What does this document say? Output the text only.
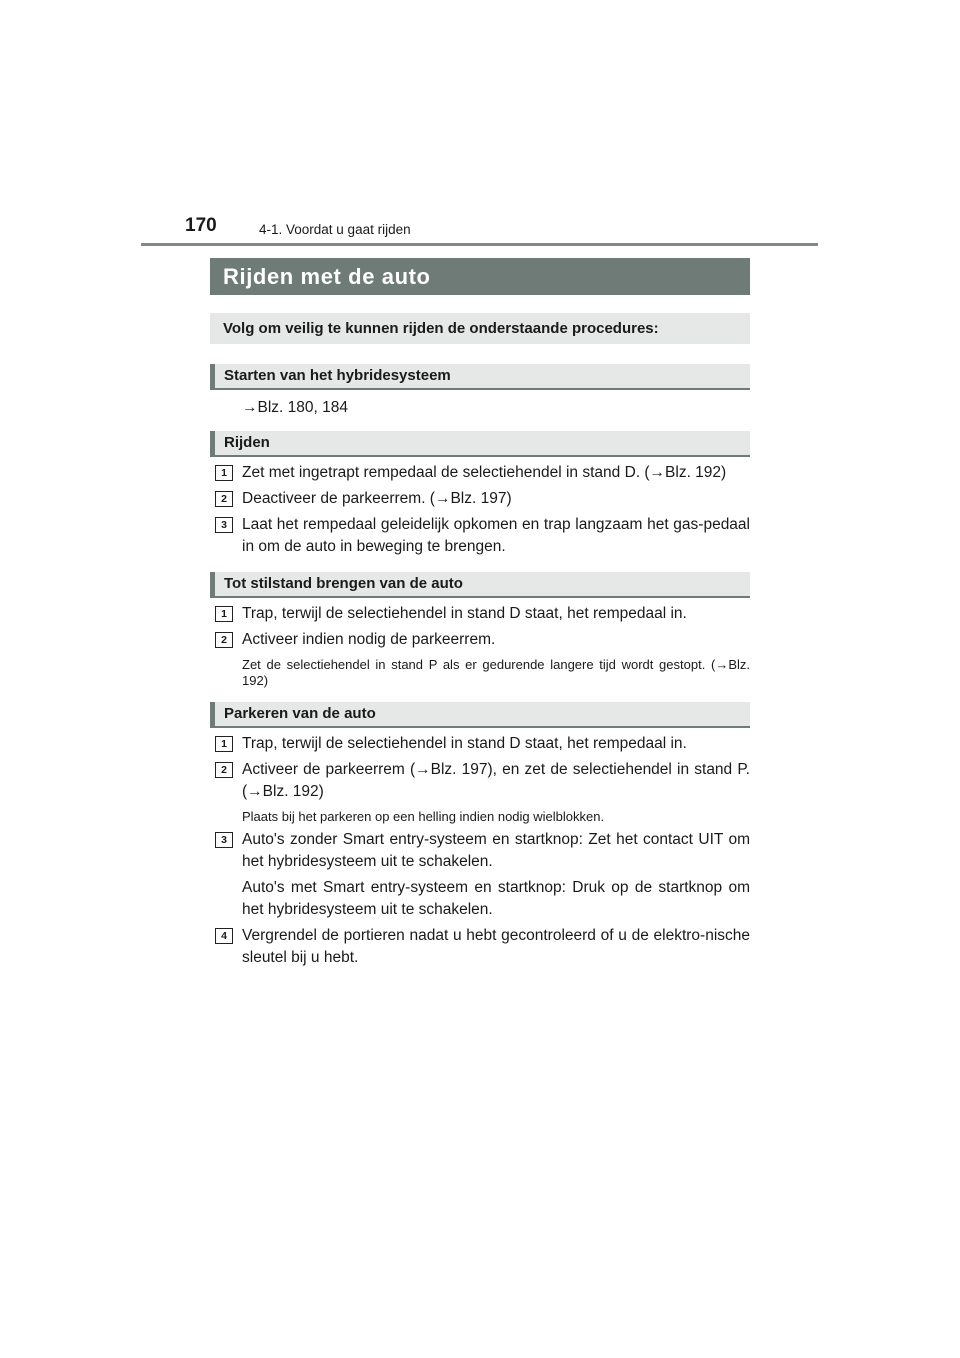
170	4-1. Voordat u gaat rijden
Rijden met de auto
Volg om veilig te kunnen rijden de onderstaande procedures:
Starten van het hybridesysteem
→Blz. 180, 184
Rijden
1 Zet met ingetrapt rempedaal de selectiehendel in stand D. (→Blz. 192)
2 Deactiveer de parkeerrem. (→Blz. 197)
3 Laat het rempedaal geleidelijk opkomen en trap langzaam het gas-pedaal in om de auto in beweging te brengen.
Tot stilstand brengen van de auto
1 Trap, terwijl de selectiehendel in stand D staat, het rempedaal in.
2 Activeer indien nodig de parkeerrem.
Zet de selectiehendel in stand P als er gedurende langere tijd wordt gestopt. (→Blz. 192)
Parkeren van de auto
1 Trap, terwijl de selectiehendel in stand D staat, het rempedaal in.
2 Activeer de parkeerrem (→Blz. 197), en zet de selectiehendel in stand P. (→Blz. 192)
Plaats bij het parkeren op een helling indien nodig wielblokken.
3 Auto's zonder Smart entry-systeem en startknop: Zet het contact UIT om het hybridesysteem uit te schakelen.
Auto's met Smart entry-systeem en startknop: Druk op de startknop om het hybridesysteem uit te schakelen.
4 Vergrendel de portieren nadat u hebt gecontroleerd of u de elektro-nische sleutel bij u hebt.
